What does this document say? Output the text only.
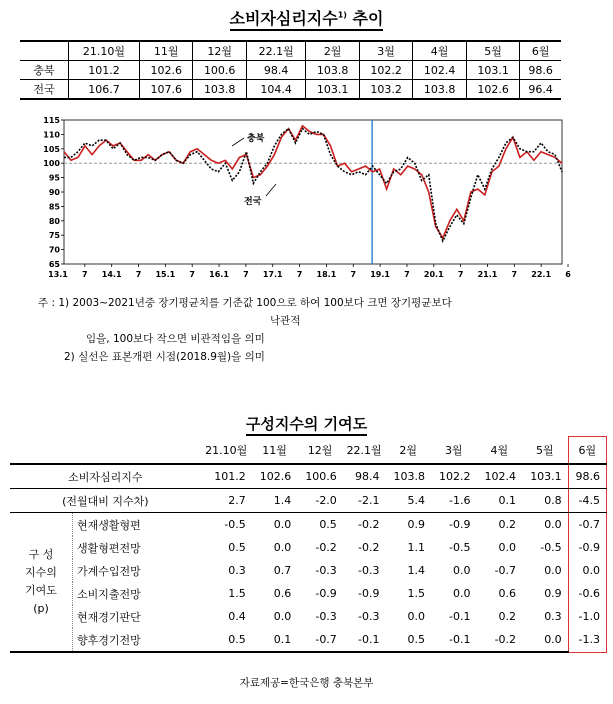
소비자심리지수$^{1)}$ 추이
	21.10월	11월	12월	22.1월	2월	3월	4월	5월	6월
충북	101.2	102.6	100.6	98.4	103.8	102.2	102.4	103.1	98.6
전국	106.7	107.6	103.8	104.4	103.1	103.2	103.8	102.6	96.4
65
70
75
80
85
90
95
100
105
110
115
13.1 7 14.1 7 15.1 7 16.1 7 17.1 7 18.1 7 19.1 7 20.1 7 21.1 7 22.1 6
충북
전국
주 : 1) 2003~2021년중 장기평균치를 기준값 100으로 하여 100보다 크면 장기평균보다
낙관적
임을, 100보다 작으면 비관적임을 의미
2) 실선은 표본개편 시점(2018.9월)을 의미
구성지수의 기여도
		21.10월	11월	12월	22.1월	2월	3월	4월	5월	6월
소비자심리지수		101.2	102.6	100.6	98.4	103.8	102.2	102.4	103.1	98.6
(전월대비 지수차)		2.7	1.4	-2.0	-2.1	5.4	-1.6	0.1	0.8	-4.5

구 성
지수의
기여도
(p)	현재생활형편	-0.5	0.0	0.5	-0.2	0.9	-0.9	0.2	0.0	-0.7
	생활형편전망	0.5	0.0	-0.2	-0.2	1.1	-0.5	0.0	-0.5	-0.9
	가계수입전망	0.3	0.7	-0.3	-0.3	1.4	0.0	-0.7	0.0	0.0
	소비지출전망	1.5	0.6	-0.9	-0.9	1.5	0.0	0.6	0.9	-0.6
	현재경기판단	0.4	0.0	-0.3	-0.3	0.0	-0.1	0.2	0.3	-1.0
	향후경기전망	0.5	0.1	-0.7	-0.1	0.5	-0.1	-0.2	0.0	-1.3
자료제공=한국은행 충북본부
